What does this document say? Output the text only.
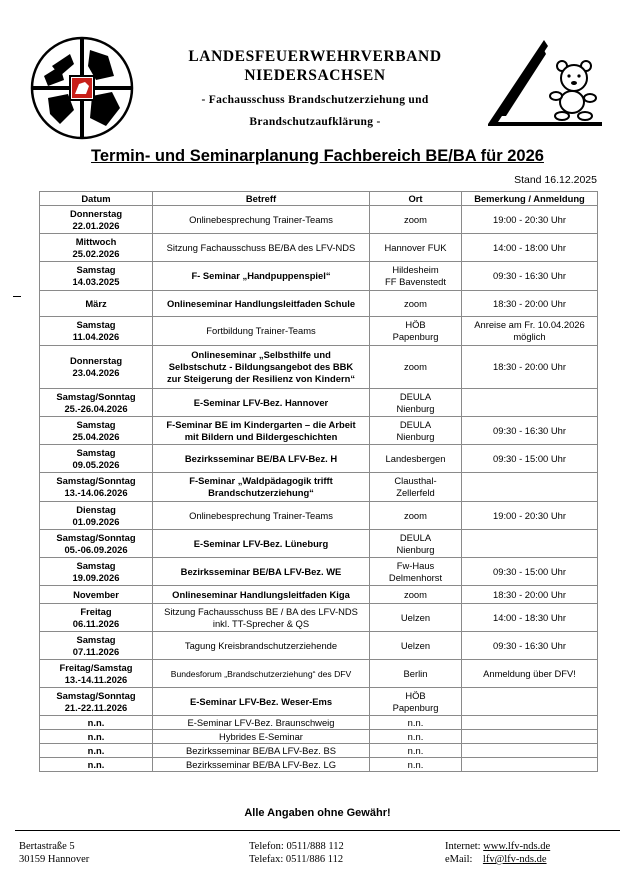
LANDESFEUERWEHRVERBAND
NIEDERSACHSEN
- Fachausschuss Brandschutzerziehung und
Brandschutzaufklärung -
Termin- und Seminarplanung Fachbereich BE/BA für 2026
Stand 16.12.2025
Datum	Betreff	Ort	Bemerkung / Anmeldung
Donnerstag
22.01.2026	Onlinebesprechung Trainer-Teams	zoom	19:00 - 20:30 Uhr
Mittwoch
25.02.2026	Sitzung Fachausschuss BE/BA des LFV-NDS	Hannover FUK	14:00 - 18:00 Uhr
Samstag
14.03.2025	F- Seminar „Handpuppenspiel“	Hildesheim
FF Bavenstedt	09:30 - 16:30 Uhr
März	Onlineseminar Handlungsleitfaden Schule	zoom	18:30 - 20:00 Uhr
Samstag
11.04.2026	Fortbildung Trainer-Teams	HÖB
Papenburg	Anreise am Fr. 10.04.2026
möglich
Donnerstag
23.04.2026	Onlineseminar „Selbsthilfe und
Selbstschutz - Bildungsangebot des BBK
zur Steigerung der Resilienz von Kindern“	zoom	18:30 - 20:00 Uhr
Samstag/Sonntag
25.-26.04.2026	E-Seminar LFV-Bez. Hannover	DEULA
Nienburg	
Samstag
25.04.2026	F-Seminar BE im Kindergarten – die Arbeit
mit Bildern und Bildergeschichten	DEULA
Nienburg	09:30 - 16:30 Uhr
Samstag
09.05.2026	Bezirksseminar BE/BA LFV-Bez. H	Landesbergen	09:30 - 15:00 Uhr
Samstag/Sonntag
13.-14.06.2026	F-Seminar „Waldpädagogik trifft
Brandschutzerziehung“	Clausthal-
Zellerfeld	
Dienstag
01.09.2026	Onlinebesprechung Trainer-Teams	zoom	19:00 - 20:30 Uhr
Samstag/Sonntag
05.-06.09.2026	E-Seminar LFV-Bez. Lüneburg	DEULA
Nienburg	
Samstag
19.09.2026	Bezirksseminar BE/BA LFV-Bez. WE	Fw-Haus
Delmenhorst	09:30 - 15:00 Uhr
November	Onlineseminar Handlungsleitfaden Kiga	zoom	18:30 - 20:00 Uhr
Freitag
06.11.2026	Sitzung Fachausschuss BE / BA des LFV-NDS
inkl. TT-Sprecher & QS	Uelzen	14:00 - 18:30 Uhr
Samstag
07.11.2026	Tagung Kreisbrandschutzerziehende	Uelzen	09:30 - 16:30 Uhr
Freitag/Samstag
13.-14.11.2026	Bundesforum „Brandschutzerziehung“ des DFV	Berlin	Anmeldung über DFV!
Samstag/Sonntag
21.-22.11.2026	E-Seminar LFV-Bez. Weser-Ems	HÖB
Papenburg	
n.n.	E-Seminar LFV-Bez. Braunschweig	n.n.	
n.n.	Hybrides E-Seminar	n.n.	
n.n.	Bezirksseminar BE/BA LFV-Bez. BS	n.n.	
n.n.	Bezirksseminar BE/BA LFV-Bez. LG	n.n.	
Alle Angaben ohne Gewähr!
Bertastraße 5
30159 Hannover
Telefon: 0511/888 112
Telefax: 0511/886 112
Internet: www.lfv-nds.de
eMail: lfv@lfv-nds.de
